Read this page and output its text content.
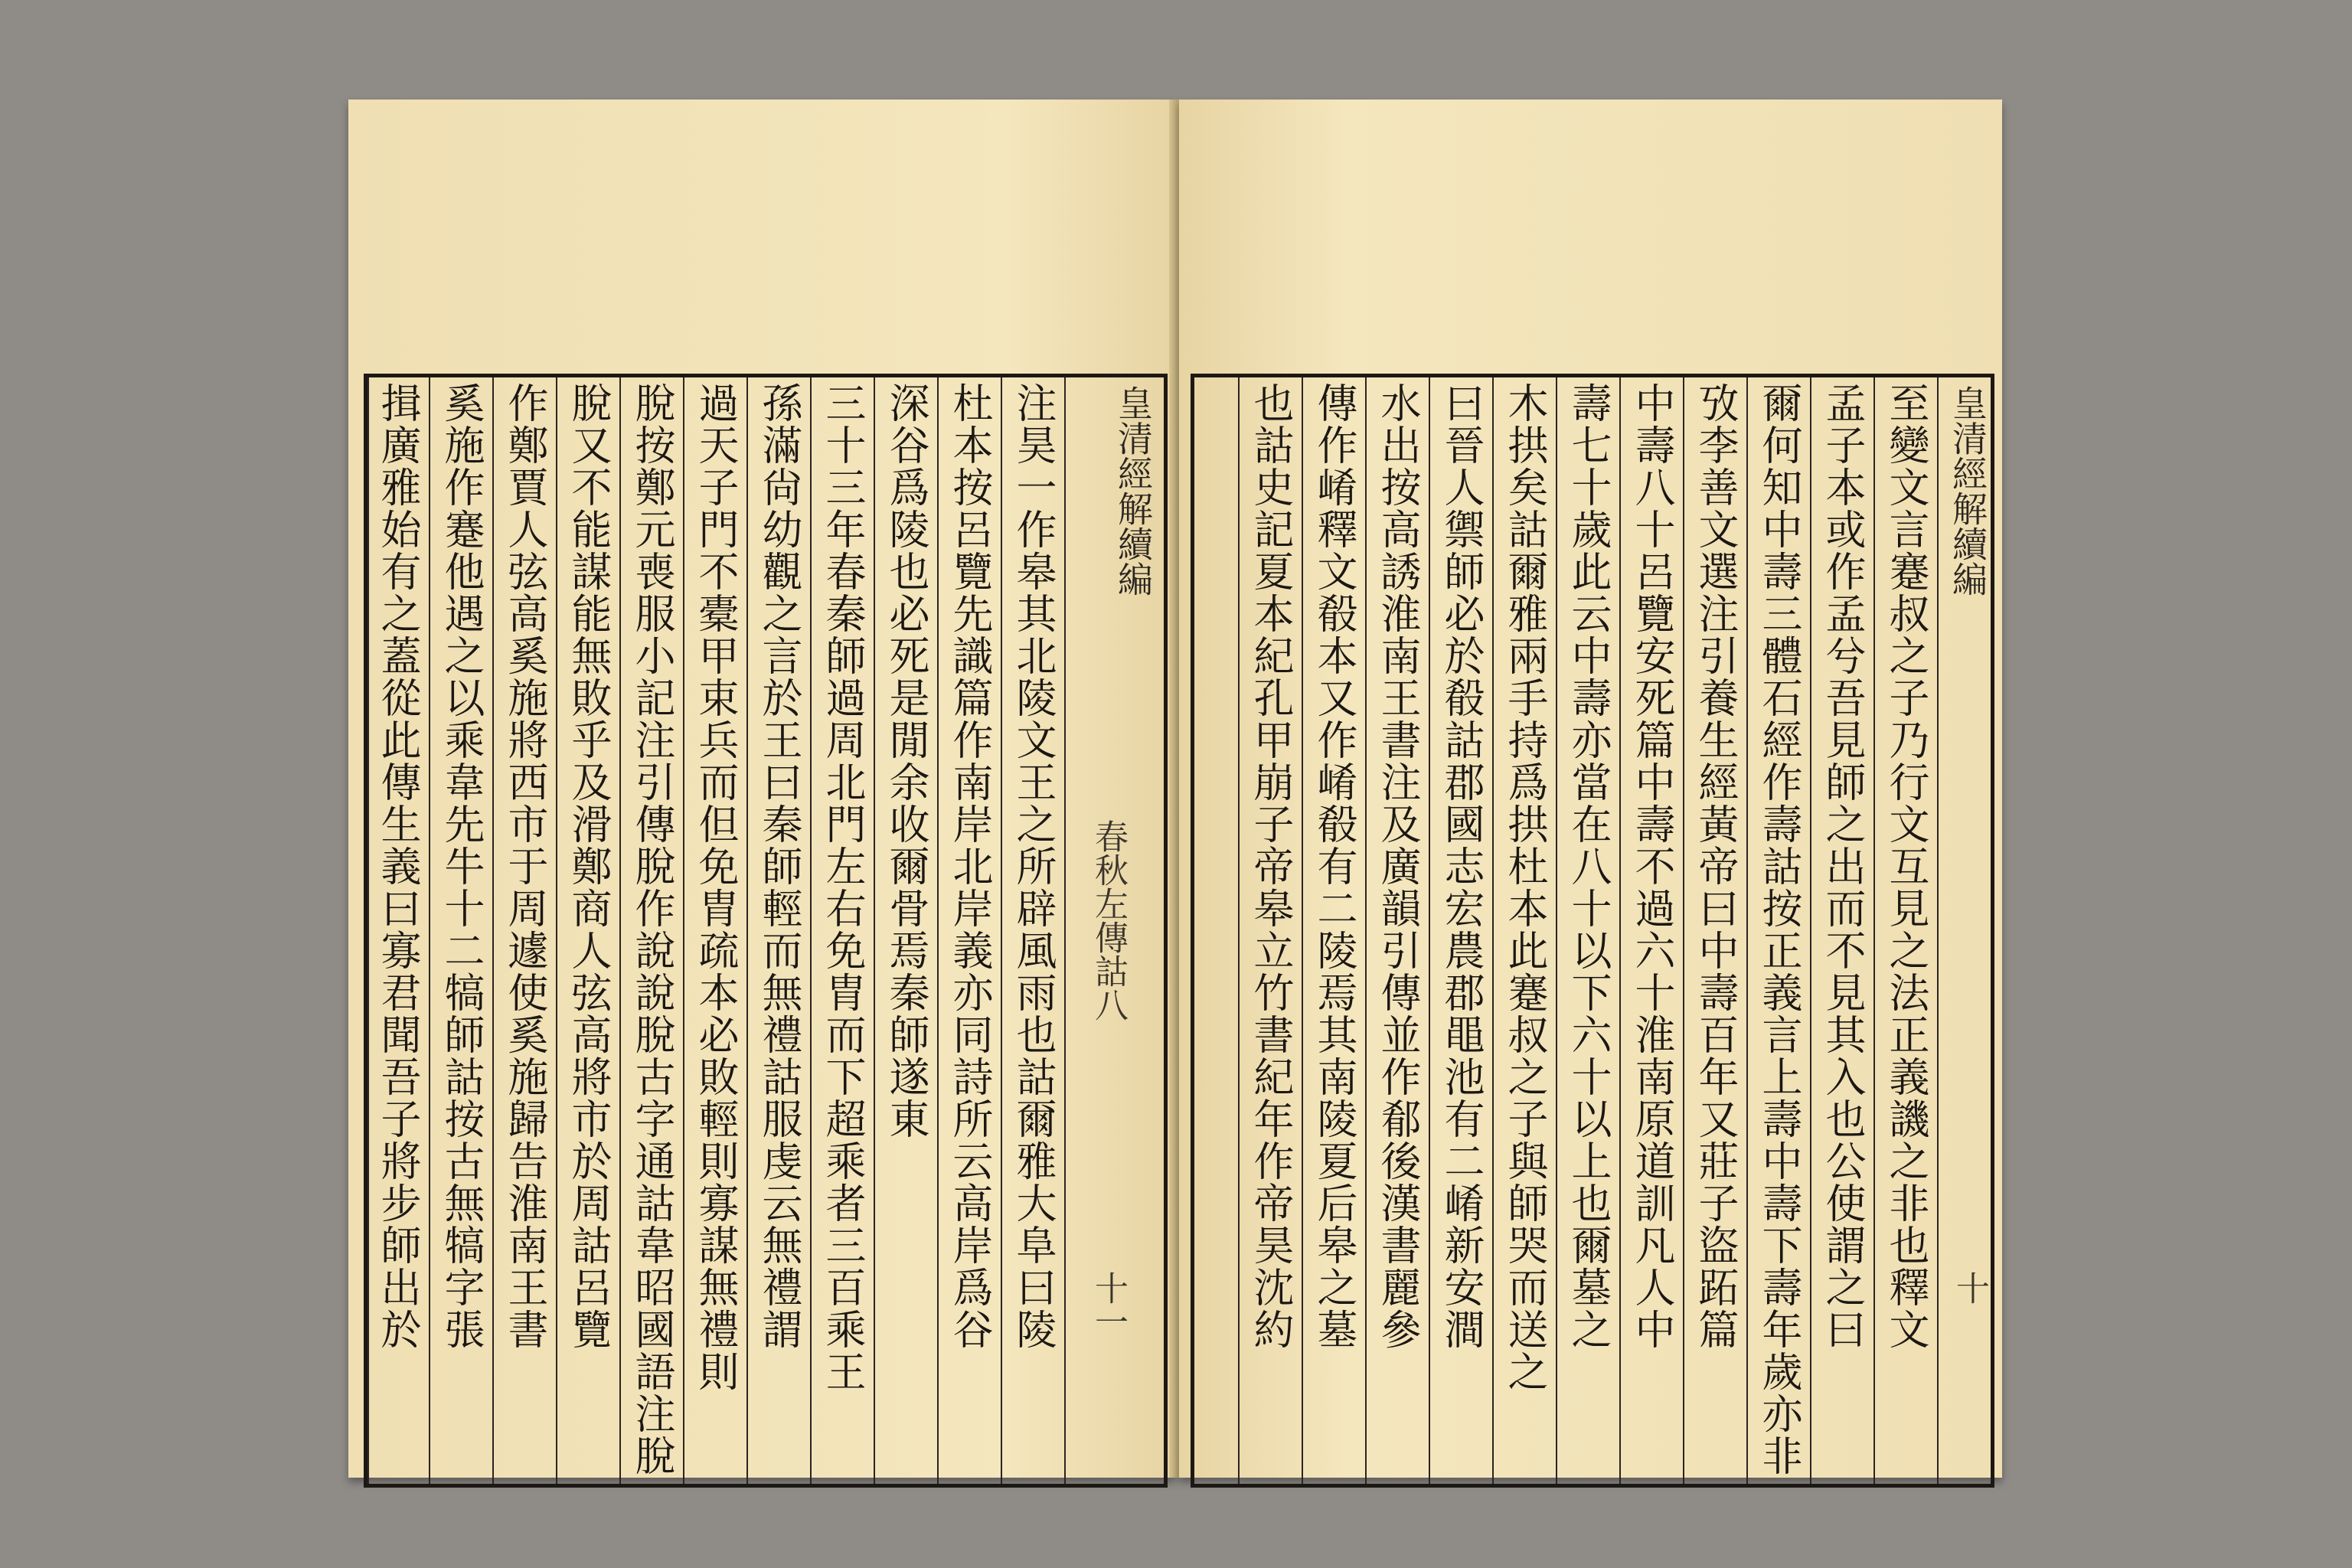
揖廣雅始有之蓋從此傳生義曰寡君聞吾子將步師出於 奚施作蹇他遇之以乘韋先牛十二犒師詁按古無犒字張 作鄭賈人弦高奚施將西市于周遽使奚施歸告淮南王書 脫又不能謀能無敗乎及滑鄭商人弦高將市於周詁呂覽 脫按鄭元喪服小記注引傳脫作說說脫古字通詁韋昭國語注脫
過天子門不橐甲束兵而但免胄疏本必敗輕則寡謀無禮則 孫滿尙幼觀之言於王曰秦師輕而無禮詁服虔云無禮謂 三十三年春秦師過周北門左右免胄而下超乘者三百乘王 深谷爲陵也必死是閒余收爾骨焉秦師遂東 杜本按呂覽先識篇作南岸北岸義亦同詩所云高岸爲谷 注昊一作皋其北陵文王之所辟風雨也詁爾雅大阜曰陵	皇清經解續編
春秋左傳詁八
十一
皇清經解續編
至變文言蹇叔之子乃行文互見之法正義譏之非也釋文
孟子本或作孟兮吾見師之出而不見其入也公使謂之曰
爾何知中壽三體石經作壽詁按正義言上壽中壽下壽年歲亦非
攷李善文選注引養生經黃帝曰中壽百年又莊子盜跖篇
中壽八十呂覽安死篇中壽不過六十淮南原道訓凡人中
壽七十歲此云中壽亦當在八十以下六十以上也爾墓之
木拱矣詁爾雅兩手持爲拱杜本此蹇叔之子與師哭而送之
曰晉人禦師必於殽詁郡國志宏農郡黽池有二崤新安澗
水出按高誘淮南王書注及廣韻引傳並作郩後漢書麗參
傳作崤釋文殽本又作崤殽有二陵焉其南陵夏后皋之墓
也詁史記夏本紀孔甲崩子帝皋立竹書紀年作帝昊沈約	十
